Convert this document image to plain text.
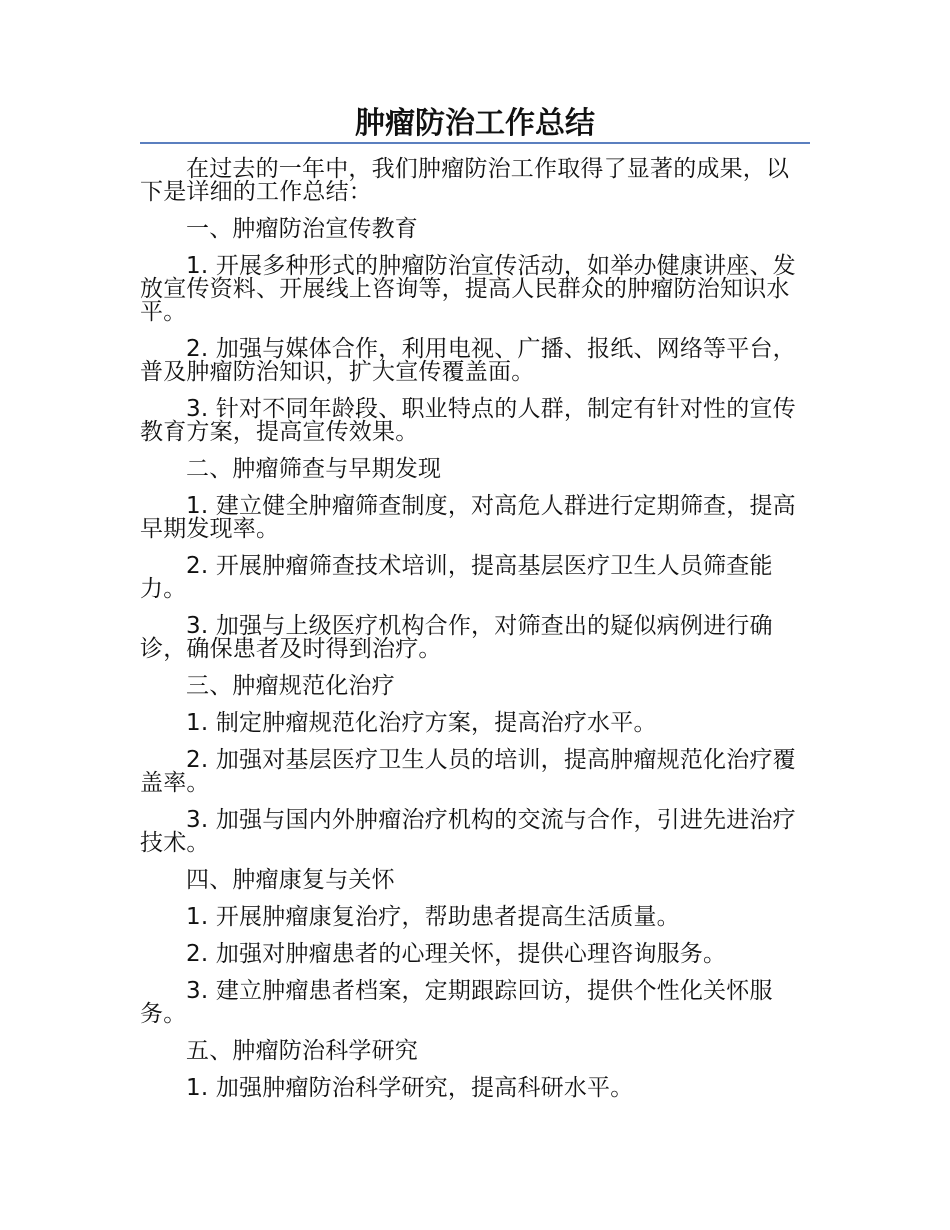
肿瘤防治工作总结

在过去的一年中，我们肿瘤防治工作取得了显著的成果，以下是详细的工作总结：

一、肿瘤防治宣传教育

1. 开展多种形式的肿瘤防治宣传活动，如举办健康讲座、发放宣传资料、开展线上咨询等，提高人民群众的肿瘤防治知识水平。

2. 加强与媒体合作，利用电视、广播、报纸、网络等平台，普及肿瘤防治知识，扩大宣传覆盖面。

3. 针对不同年龄段、职业特点的人群，制定有针对性的宣传教育方案，提高宣传效果。

二、肿瘤筛查与早期发现

1. 建立健全肿瘤筛查制度，对高危人群进行定期筛查，提高早期发现率。

2. 开展肿瘤筛查技术培训，提高基层医疗卫生人员筛查能力。

3. 加强与上级医疗机构合作，对筛查出的疑似病例进行确诊，确保患者及时得到治疗。

三、肿瘤规范化治疗

1. 制定肿瘤规范化治疗方案，提高治疗水平。

2. 加强对基层医疗卫生人员的培训，提高肿瘤规范化治疗覆盖率。

3. 加强与国内外肿瘤治疗机构的交流与合作，引进先进治疗技术。

四、肿瘤康复与关怀

1. 开展肿瘤康复治疗，帮助患者提高生活质量。

2. 加强对肿瘤患者的心理关怀，提供心理咨询服务。

3. 建立肿瘤患者档案，定期跟踪回访，提供个性化关怀服务。

五、肿瘤防治科学研究

1. 加强肿瘤防治科学研究，提高科研水平。
